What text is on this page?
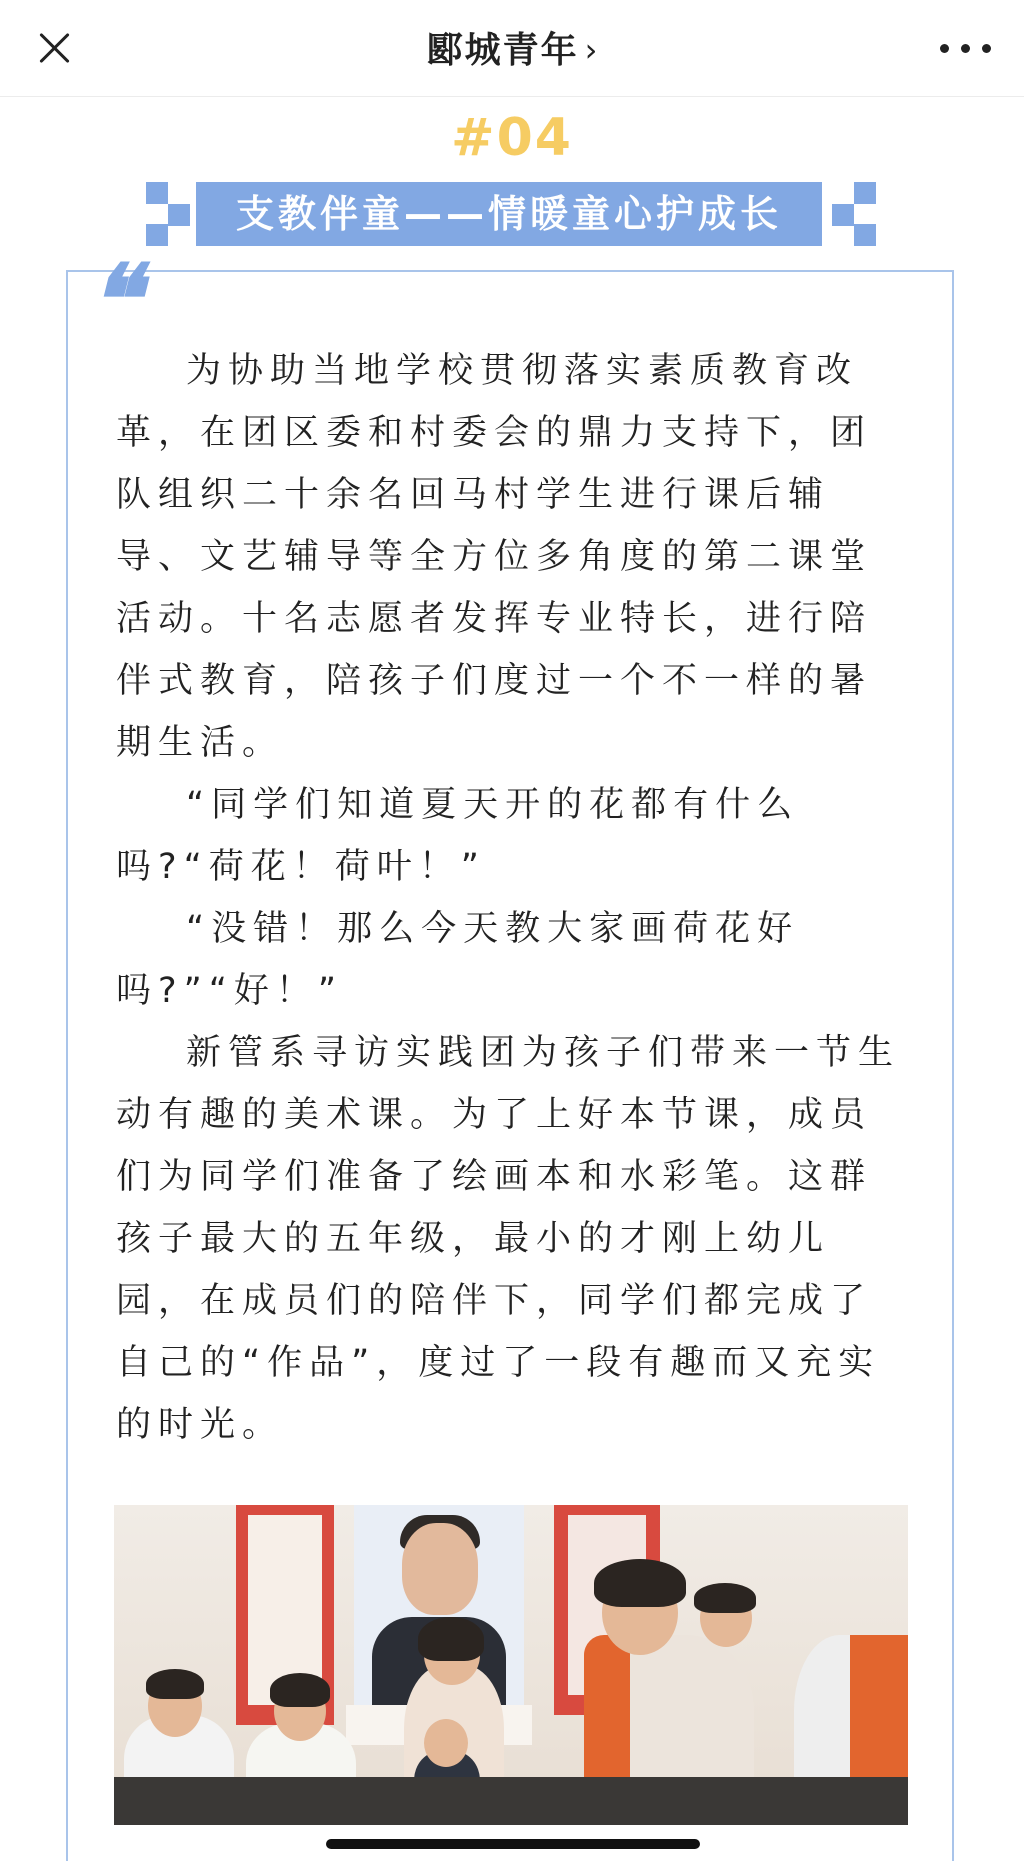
郾城青年 ›
#04
支教伴童——情暖童心护成长
❝

为协助当地学校贯彻落实素质教育改革，在团区委和村委会的鼎力支持下，团队组织二十余名回马村学生进行课后辅导、文艺辅导等全方位多角度的第二课堂活动。十名志愿者发挥专业特长，进行陪伴式教育，陪孩子们度过一个不一样的暑期生活。

“同学们知道夏天开的花都有什么吗?“荷花！荷叶！”

“没错！那么今天教大家画荷花好吗?”“好！”

新管系寻访实践团为孩子们带来一节生动有趣的美术课。为了上好本节课，成员们为同学们准备了绘画本和水彩笔。这群孩子最大的五年级，最小的才刚上幼儿园，在成员们的陪伴下，同学们都完成了自己的“作品”，度过了一段有趣而又充实的时光。
